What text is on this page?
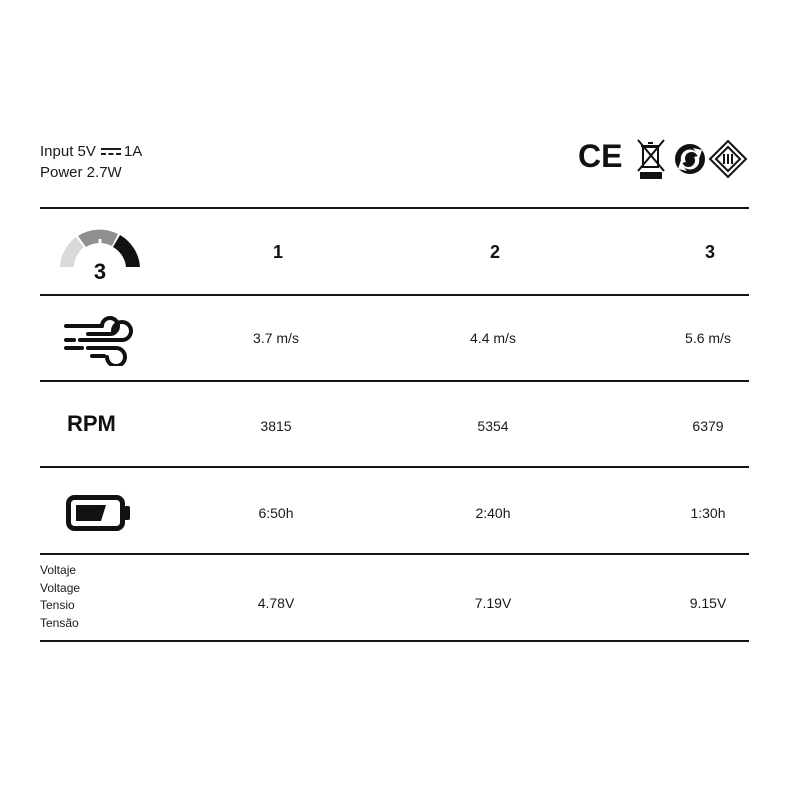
Input 5V 1A
Power 2.7W	CE
3
1	2	3
3.7 m/s	4.4 m/s	5.6 m/s
RPM	3815	5354	6379
6:50h	2:40h	1:30h
Voltaje
Voltage
Tensio
Tensão
4.78V	7.19V	9.15V
